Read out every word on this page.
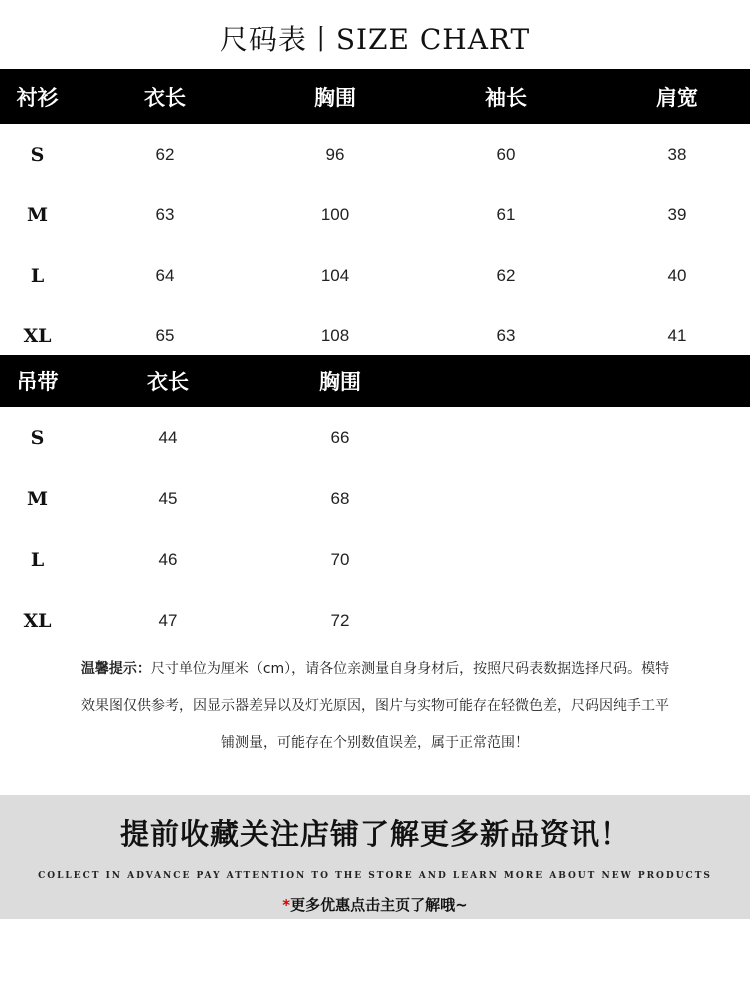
尺码表丨SIZE CHART
衬衫	衣长	胸围	袖长	肩宽
S	62	96	60	38
M	63	100	61	39
L	64	104	62	40
XL	65	108	63	41
吊带	衣长	胸围
S	44	66
M	45	68
L	46	70
XL	47	72
温馨提示：尺寸单位为厘米（cm），请各位亲测量自身身材后，按照尺码表数据选择尺码。模特
效果图仅供参考，因显示器差异以及灯光原因，图片与实物可能存在轻微色差，尺码因纯手工平
铺测量，可能存在个别数值误差，属于正常范围！
提前收藏关注店铺了解更多新品资讯！
COLLECT IN ADVANCE PAY ATTENTION TO THE STORE AND LEARN MORE ABOUT NEW PRODUCTS
*更多优惠点击主页了解哦~
